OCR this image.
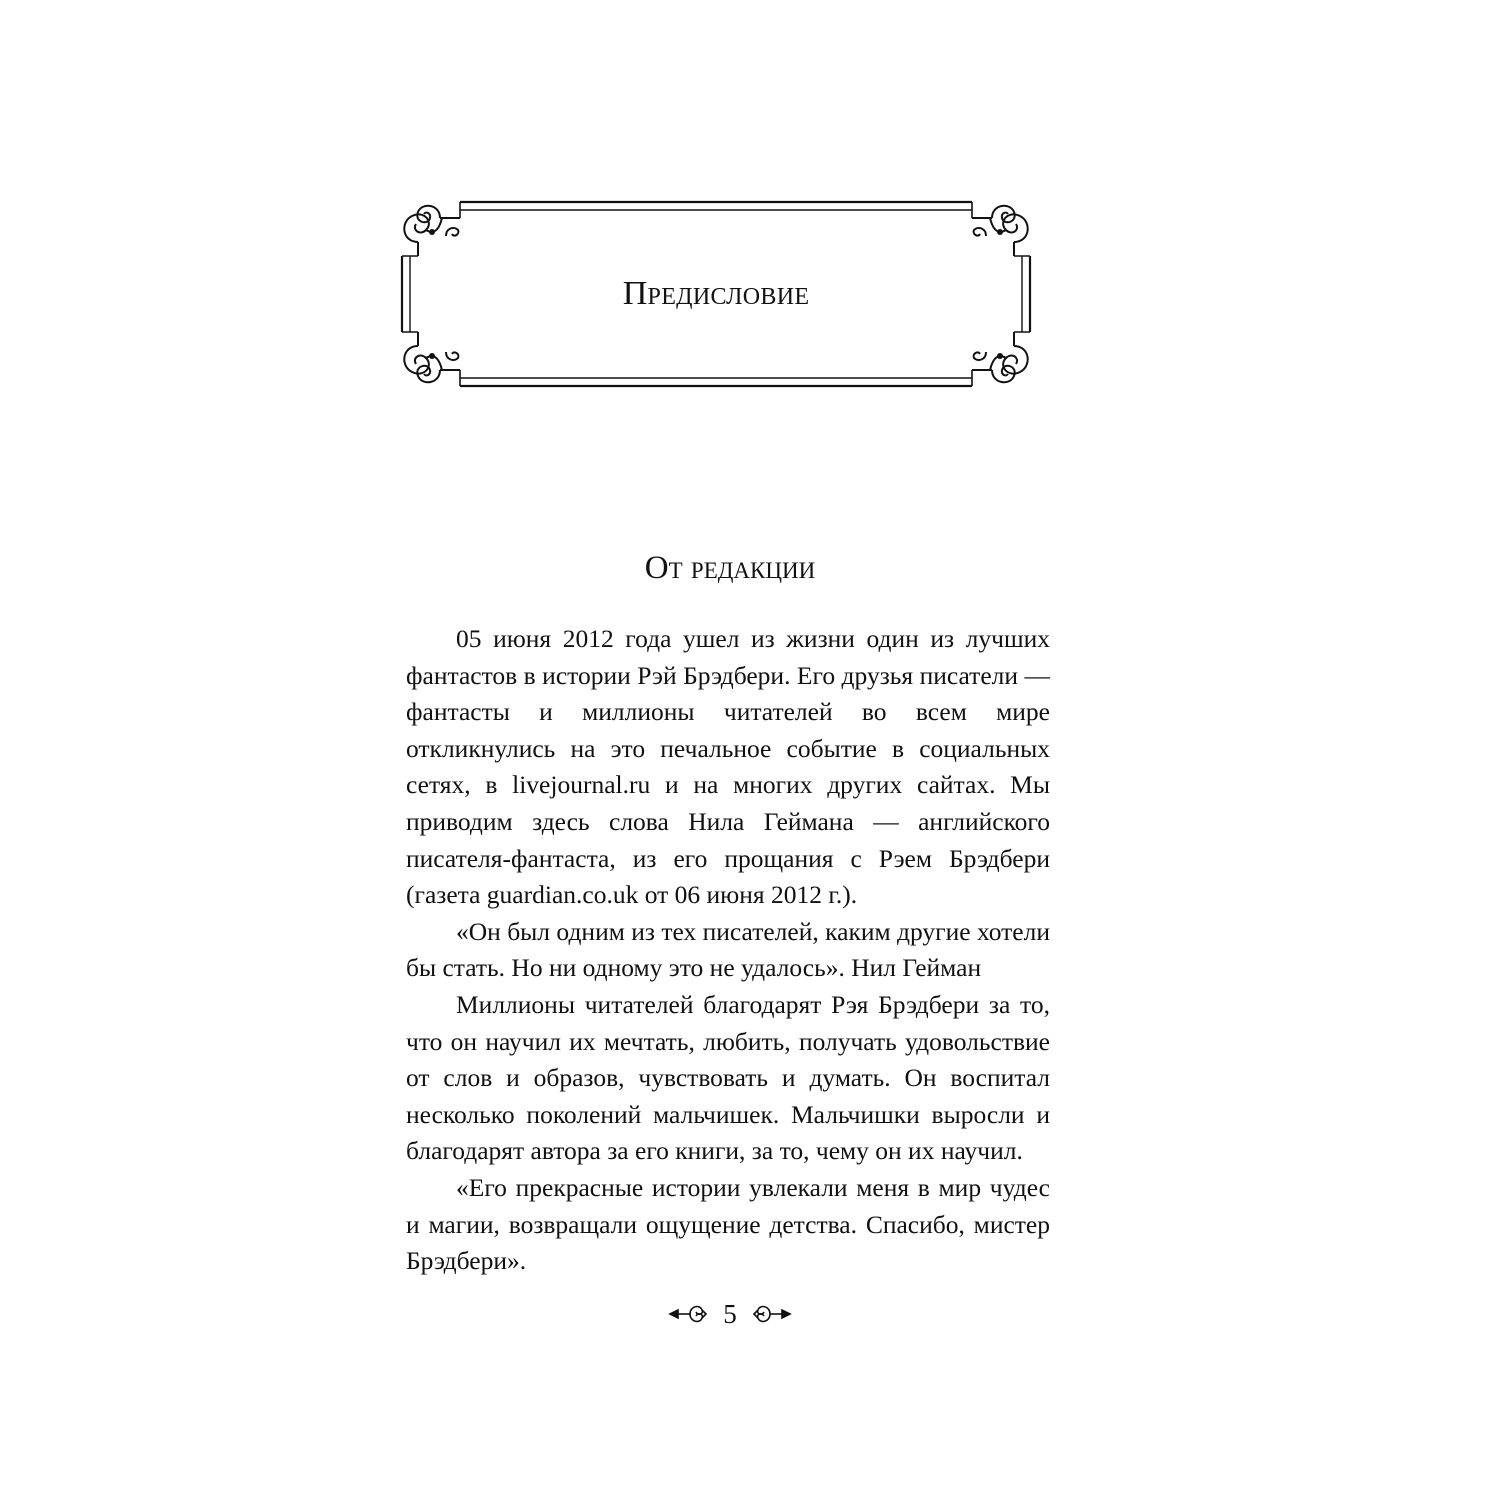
Предисловие
От редакции

05 июня 2012 года ушел из жизни один из лучших фантастов в истории Рэй Брэдбери. Его друзья писатели — фантасты и миллионы читателей во всем мире откликнулись на это печальное событие в социальных сетях, в livejournal.ru и на многих других сайтах. Мы приводим здесь слова Нила Геймана — английского писателя-фантаста, из его прощания с Рэем Брэдбери (газета guardian.co.uk от 06 июня 2012 г.).

«Он был одним из тех писателей, каким другие хотели бы стать. Но ни одному это не удалось». Нил Гейман

Миллионы читателей благодарят Рэя Брэдбери за то, что он научил их мечтать, любить, получать удовольствие от слов и образов, чувствовать и думать. Он воспитал несколько поколений мальчишек. Мальчишки выросли и благодарят автора за его книги, за то, чему он их научил.

«Его прекрасные истории увлекали меня в мир чудес и магии, возвращали ощущение детства. Спасибо, мистер Брэдбери».

5
